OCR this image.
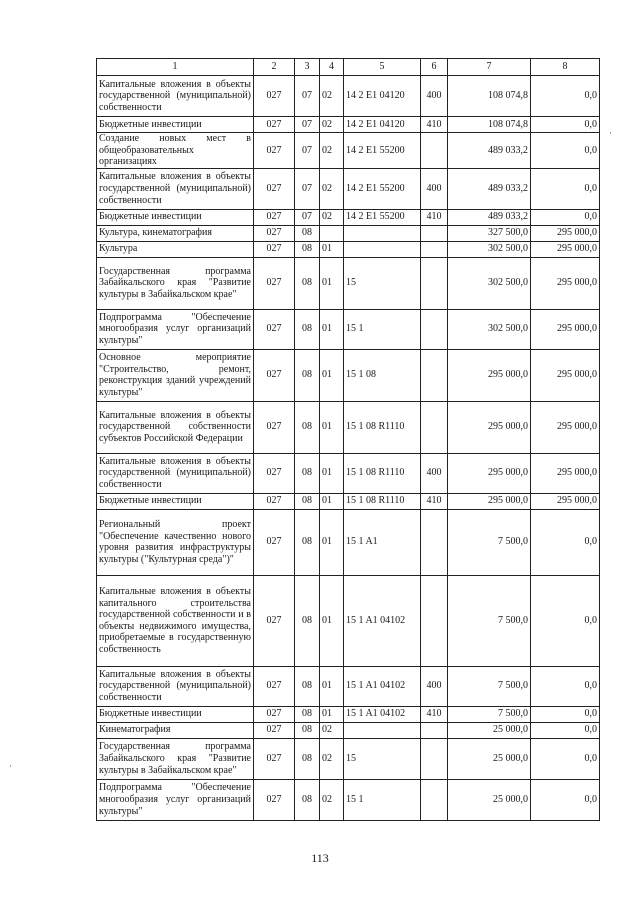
1	2	3	4	5	6	7	8
Капитальные вложения в объекты государственной (муниципальной) собственности	027	07	02	14 2 E1 04120	400	108 074,8	0,0
Бюджетные инвестиции	027	07	02	14 2 E1 04120	410	108 074,8	0,0
Создание новых мест в общеобразовательных организациях	027	07	02	14 2 E1 55200		489 033,2	0,0
Капитальные вложения в объекты государственной (муниципальной) собственности	027	07	02	14 2 E1 55200	400	489 033,2	0,0
Бюджетные инвестиции	027	07	02	14 2 E1 55200	410	489 033,2	0,0
Культура, кинематография	027	08				327 500,0	295 000,0
Культура	027	08	01			302 500,0	295 000,0
Государственная программа Забайкальского края "Развитие культуры в Забайкальском крае"	027	08	01	15		302 500,0	295 000,0
Подпрограмма "Обеспечение многообразия услуг организаций культуры"	027	08	01	15 1		302 500,0	295 000,0
Основное мероприятие "Строительство, ремонт, реконструкция зданий учреждений культуры"	027	08	01	15 1 08		295 000,0	295 000,0
Капитальные вложения в объекты государственной собственности субъектов Российской Федерации	027	08	01	15 1 08 R1110		295 000,0	295 000,0
Капитальные вложения в объекты государственной (муниципальной) собственности	027	08	01	15 1 08 R1110	400	295 000,0	295 000,0
Бюджетные инвестиции	027	08	01	15 1 08 R1110	410	295 000,0	295 000,0
Региональный проект "Обеспечение качественно нового уровня развития инфраструктуры культуры ("Культурная среда")"	027	08	01	15 1 A1		7 500,0	0,0
Капитальные вложения в объекты капитального строительства государственной собственности и в объекты недвижимого имущества, приобретаемые в государственную собственность	027	08	01	15 1 A1 04102		7 500,0	0,0
Капитальные вложения в объекты государственной (муниципальной) собственности	027	08	01	15 1 A1 04102	400	7 500,0	0,0
Бюджетные инвестиции	027	08	01	15 1 A1 04102	410	7 500,0	0,0
Кинематография	027	08	02			25 000,0	0,0
Государственная программа Забайкальского края "Развитие культуры в Забайкальском крае"	027	08	02	15		25 000,0	0,0
Подпрограмма "Обеспечение многообразия услуг организаций культуры"	027	08	02	15 1		25 000,0	0,0
113
·
·
